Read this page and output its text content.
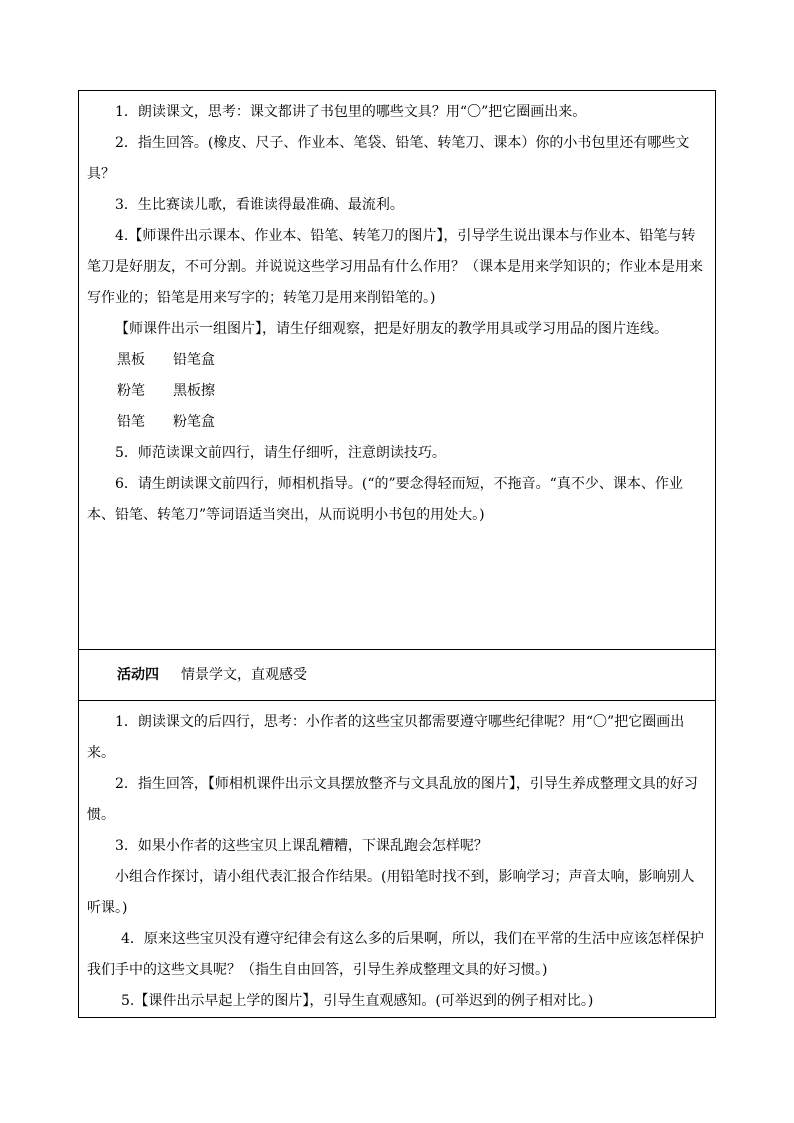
1．朗读课文，思考：课文都讲了书包里的哪些文具？用“〇”把它圈画出来。

2．指生回答。(橡皮、尺子、作业本、笔袋、铅笔、转笔刀、课本）你的小书包里还有哪些文具？

3．生比赛读儿歌，看谁读得最准确、最流利。

4.【师课件出示课本、作业本、铅笔、转笔刀的图片】，引导学生说出课本与作业本、铅笔与转笔刀是好朋友，不可分割。并说说这些学习用品有什么作用？（课本是用来学知识的；作业本是用来写作业的；铅笔是用来写字的；转笔刀是用来削铅笔的。)

【师课件出示一组图片】，请生仔细观察，把是好朋友的教学用具或学习用品的图片连线。

黑板 铅笔盒

粉笔 黑板擦

铅笔 粉笔盒

5．师范读课文前四行，请生仔细听，注意朗读技巧。

6．请生朗读课文前四行，师相机指导。(“的”要念得轻而短，不拖音。“真不少、课本、作业本、铅笔、转笔刀”等词语适当突出，从而说明小书包的用处大。)

活动四 情景学文，直观感受

1．朗读课文的后四行，思考：小作者的这些宝贝都需要遵守哪些纪律呢？用“〇”把它圈画出来。

2．指生回答，【师相机课件出示文具摆放整齐与文具乱放的图片】，引导生养成整理文具的好习惯。

3．如果小作者的这些宝贝上课乱糟糟，下课乱跑会怎样呢？

小组合作探讨，请小组代表汇报合作结果。(用铅笔时找不到，影响学习；声音太响，影响别人听课。)

4．原来这些宝贝没有遵守纪律会有这么多的后果啊，所以，我们在平常的生活中应该怎样保护我们手中的这些文具呢？（指生自由回答，引导生养成整理文具的好习惯。)

5.【课件出示早起上学的图片】，引导生直观感知。(可举迟到的例子相对比。)
